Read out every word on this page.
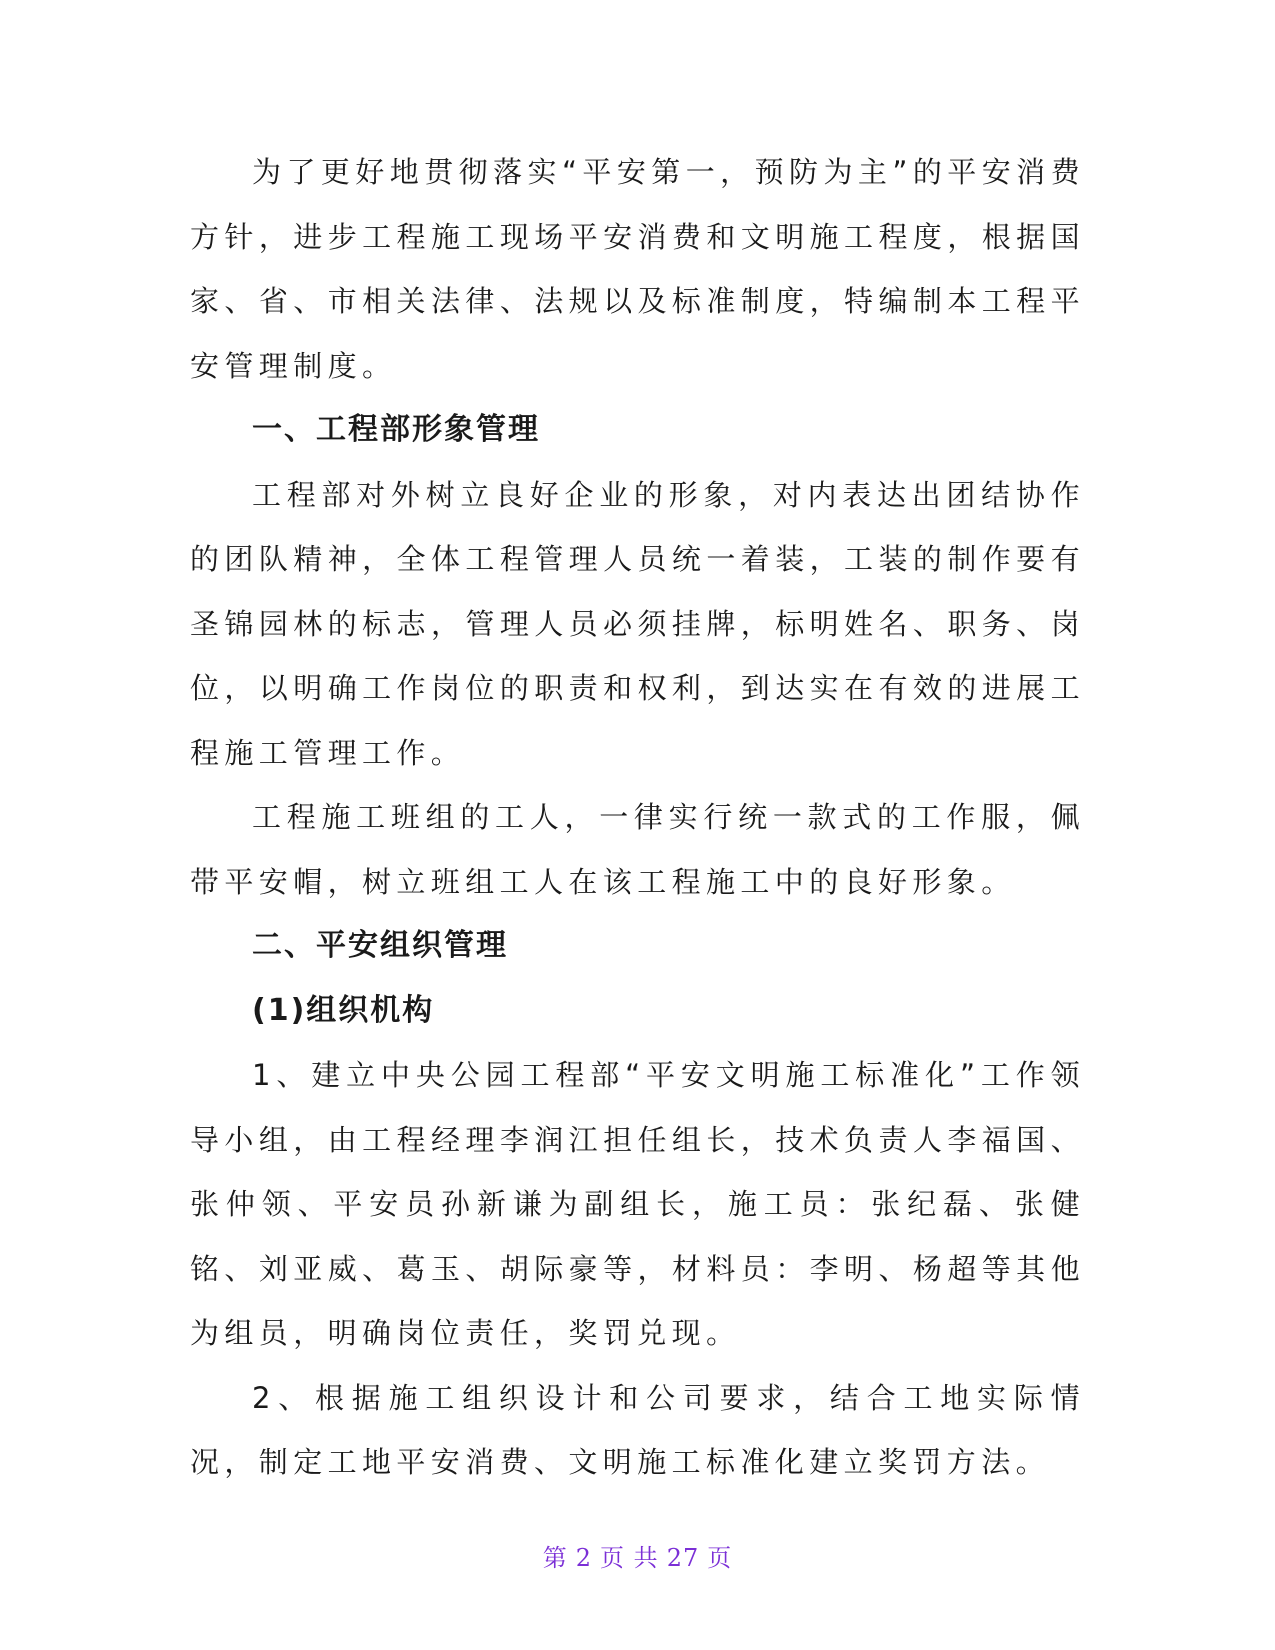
为了更好地贯彻落实“平安第一，预防为主”的平安消费方针，进步工程施工现场平安消费和文明施工程度，根据国家、省、市相关法律、法规以及标准制度，特编制本工程平安管理制度。

一、工程部形象管理

工程部对外树立良好企业的形象，对内表达出团结协作的团队精神，全体工程管理人员统一着装，工装的制作要有圣锦园林的标志，管理人员必须挂牌，标明姓名、职务、岗位，以明确工作岗位的职责和权利，到达实在有效的进展工程施工管理工作。

工程施工班组的工人，一律实行统一款式的工作服，佩带平安帽，树立班组工人在该工程施工中的良好形象。

二、平安组织管理

(1)组织机构

1、建立中央公园工程部“平安文明施工标准化”工作领导小组，由工程经理李润江担任组长，技术负责人李福国、张仲领、平安员孙新谦为副组长，施工员：张纪磊、张健铭、刘亚威、葛玉、胡际豪等，材料员：李明、杨超等其他为组员，明确岗位责任，奖罚兑现。

2、根据施工组织设计和公司要求，结合工地实际情况，制定工地平安消费、文明施工标准化建立奖罚方法。

第 2 页 共 27 页
